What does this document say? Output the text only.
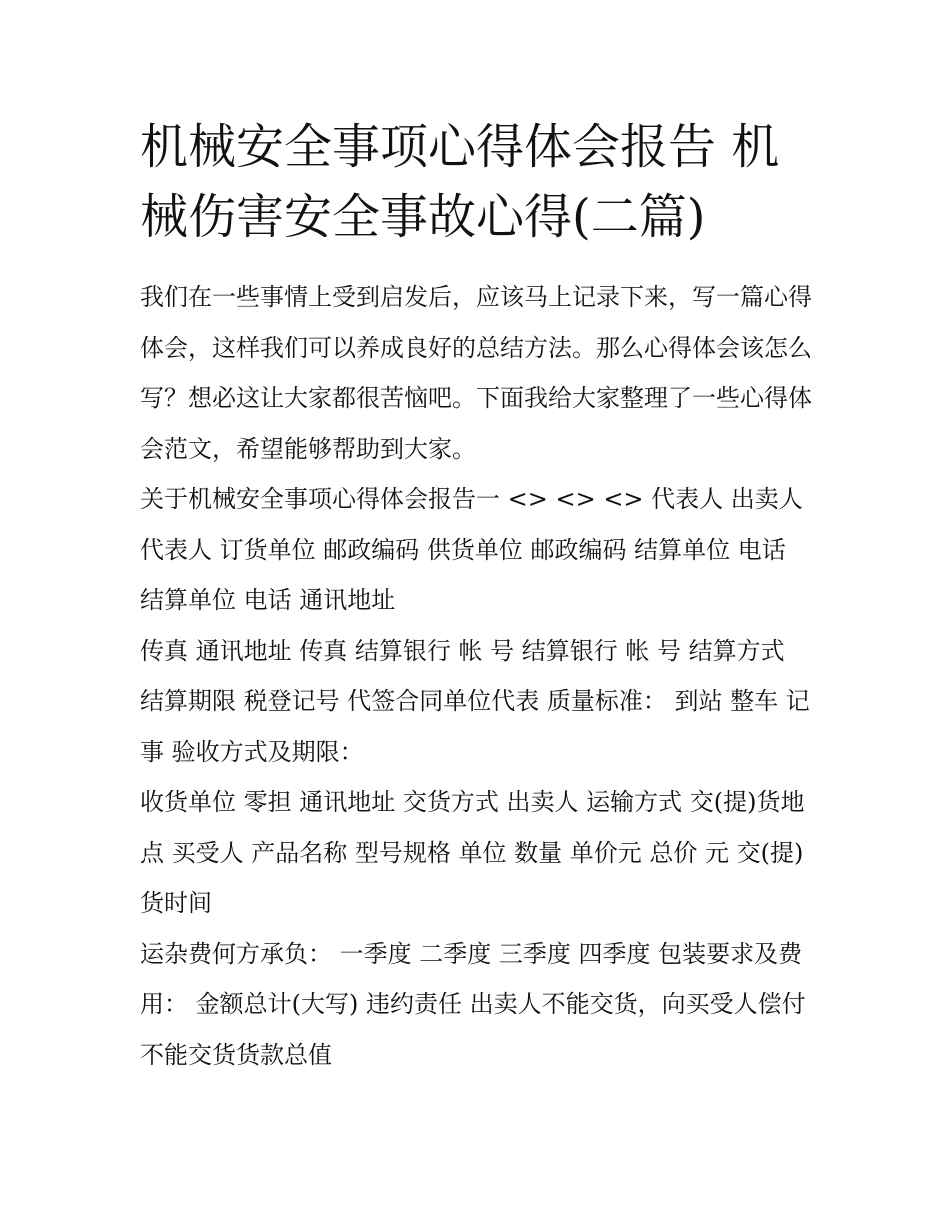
机械安全事项心得体会报告 机械伤害安全事故心得(二篇)

我们在一些事情上受到启发后，应该马上记录下来，写一篇心得体会，这样我们可以养成良好的总结方法。那么心得体会该怎么写？想必这让大家都很苦恼吧。下面我给大家整理了一些心得体会范文，希望能够帮助到大家。

关于机械安全事项心得体会报告一 <> <> <> 代表人 出卖人 代表人 订货单位 邮政编码 供货单位 邮政编码 结算单位 电话 结算单位 电话 通讯地址

传真 通讯地址 传真 结算银行 帐 号 结算银行 帐 号 结算方式 结算期限 税登记号 代签合同单位代表 质量标准： 到站 整车 记事 验收方式及期限：

收货单位 零担 通讯地址 交货方式 出卖人 运输方式 交(提)货地点 买受人 产品名称 型号规格 单位 数量 单价元 总价 元 交(提)货时间

运杂费何方承负： 一季度 二季度 三季度 四季度 包装要求及费用： 金额总计(大写) 违约责任 出卖人不能交货，向买受人偿付不能交货货款总值
